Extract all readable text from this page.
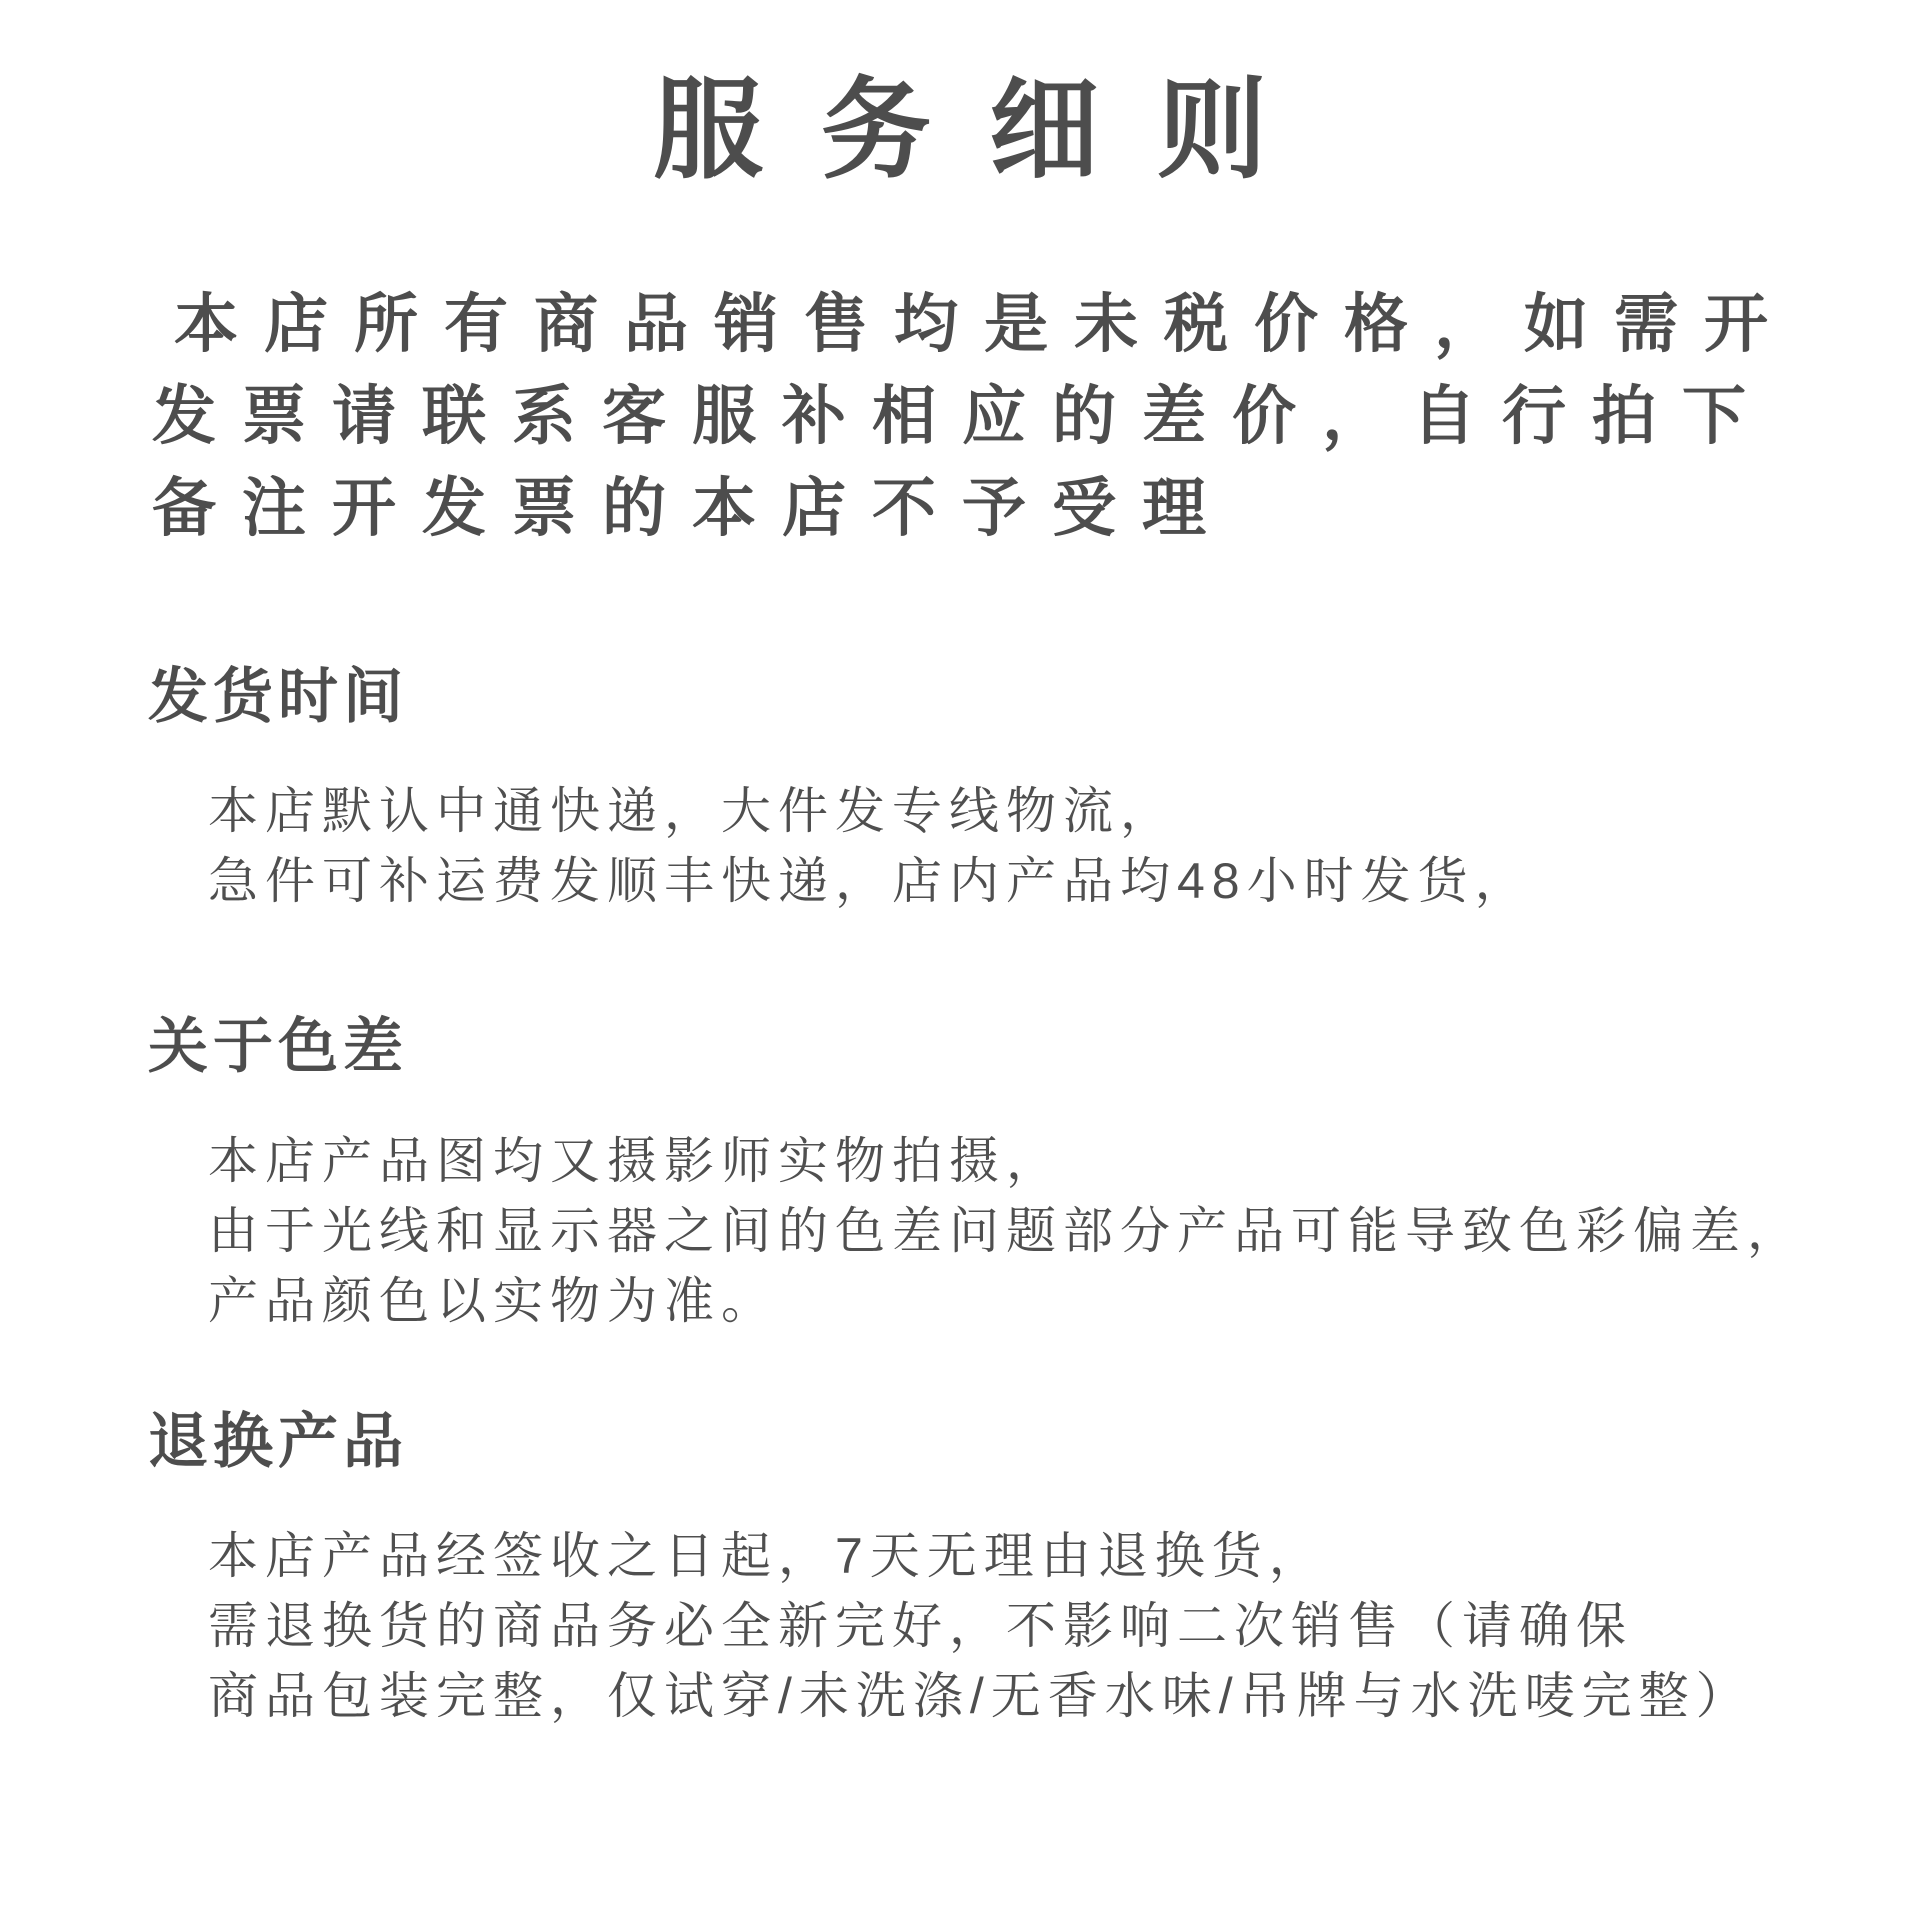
服务细则
本店所有商品销售均是未税价格，如需开
发票请联系客服补相应的差价，自行拍下
备注开发票的本店不予受理
发货时间
本店默认中通快递，大件发专线物流，
急件可补运费发顺丰快递，店内产品均48小时发货，
关于色差
本店产品图均又摄影师实物拍摄，
由于光线和显示器之间的色差问题部分产品可能导致色彩偏差，
产品颜色以实物为准。
退换产品
本店产品经签收之日起，7天无理由退换货，
需退换货的商品务必全新完好，不影响二次销售（请确保
商品包装完整，仅试穿/未洗涤/无香水味/吊牌与水洗唛完整）
